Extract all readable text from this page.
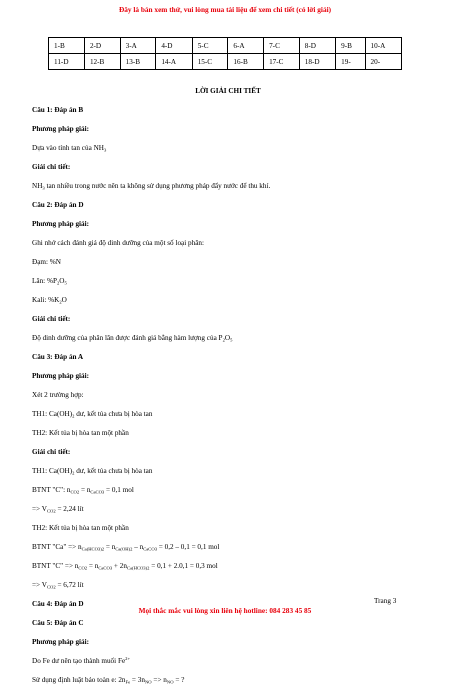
Đây là bản xem thử, vui lòng mua tài liệu để xem chi tiết (có lời giải)
1-B	2-D	3-A	4-D	5-C	6-A	7-C	8-D	9-B	10-A
11-D	12-B	13-B	14-A	15-C	16-B	17-C	18-D	19-	20-

LỜI GIẢI CHI TIẾT

Câu 1: Đáp án B

Phương pháp giải:

Dựa vào tính tan của $NH_3$

Giải chi tiết:

$NH_3$ tan nhiều trong nước nên ta không sử dụng phương pháp đẩy nước để thu khí.

Câu 2: Đáp án D

Phương pháp giải:

Ghi nhớ cách đánh giá độ dinh dưỡng của một số loại phân:

Đạm: %N

Lân: $\%P_2O_5$

Kali: $\%K_2O$

Giải chi tiết:

Độ dinh dưỡng của phân lân được đánh giá bằng hàm lượng của $P_2O_5$

Câu 3: Đáp án A

Phương pháp giải:

Xét 2 trường hợp:

TH1: $Ca(OH)_2$ dư, kết tủa chưa bị hòa tan

TH2: Kết tủa bị hòa tan một phần

Giải chi tiết:

TH1: $Ca(OH)_2$ dư, kết tủa chưa bị hòa tan

BTNT "C": $n_{CO2} = n_{CaCO3} = 0,1$ mol

=> $V_{CO2} = 2,24$ lít

TH2: Kết tủa bị hòa tan một phần

BTNT "Ca" => $n_{Ca(HCO3)2} = n_{Ca(OH)2} - n_{CaCO3} = 0,2 - 0,1 = 0,1$ mol

BTNT "C" => $n_{CO2} = n_{CaCO3} + 2n_{Ca(HCO3)2} = 0,1 + 2.0,1 = 0,3$ mol

=> $V_{CO2} = 6,72$ lít

Câu 4: Đáp án D

Câu 5: Đáp án C

Phương pháp giải:

Do Fe dư nên tạo thành muối $Fe^{2+}$

Sử dụng định luật bảo toàn e: $2n_{Fe} = 3n_{NO} => n_{NO}$ = ?

Trang 3
Mọi thắc mắc vui lòng xin liên hệ hotline: 084 283 45 85
